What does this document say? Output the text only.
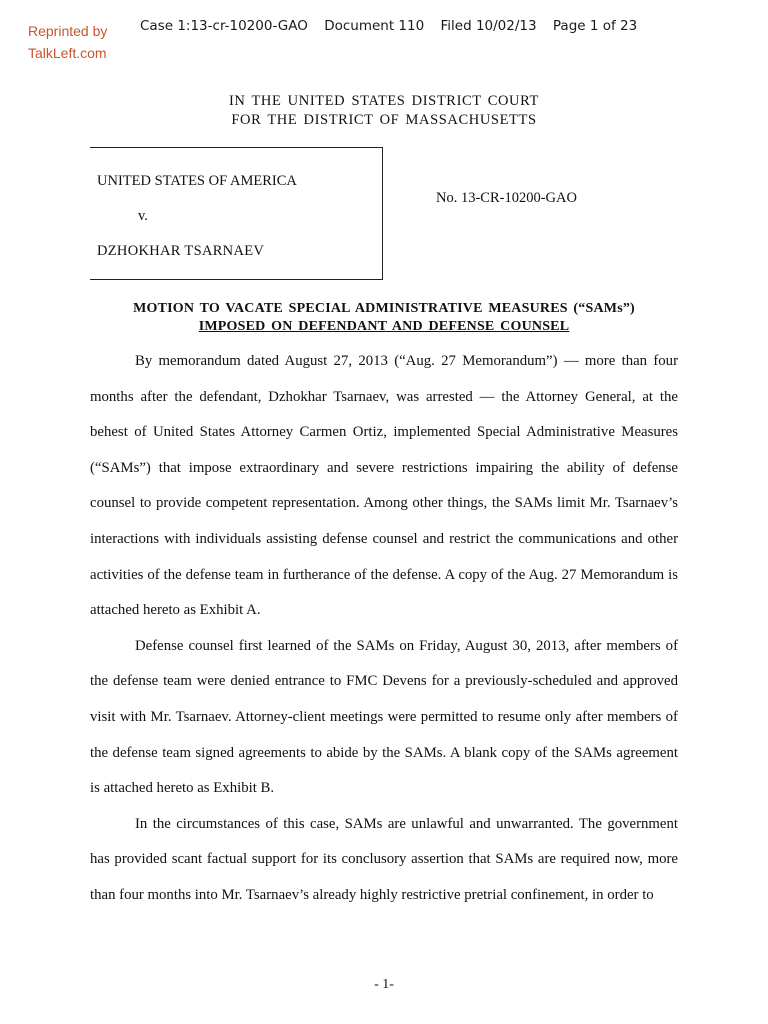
Reprinted by
TalkLeft.com
Case 1:13-cr-10200-GAO Document 110 Filed 10/02/13 Page 1 of 23
IN THE UNITED STATES DISTRICT COURT
FOR THE DISTRICT OF MASSACHUSETTS
UNITED STATES OF AMERICA
v.
DZHOKHAR TSARNAEV
No. 13-CR-10200-GAO
MOTION TO VACATE SPECIAL ADMINISTRATIVE MEASURES (“SAMs”)
IMPOSED ON DEFENDANT AND DEFENSE COUNSEL

By memorandum dated August 27, 2013 (“Aug. 27 Memorandum”) — more than four months after the defendant, Dzhokhar Tsarnaev, was arrested — the Attorney General, at the behest of United States Attorney Carmen Ortiz, implemented Special Administrative Measures (“SAMs”) that impose extraordinary and severe restrictions impairing the ability of defense counsel to provide competent representation. Among other things, the SAMs limit Mr. Tsarnaev’s interactions with individuals assisting defense counsel and restrict the communications and other activities of the defense team in furtherance of the defense. A copy of the Aug. 27 Memorandum is attached hereto as Exhibit A.

Defense counsel first learned of the SAMs on Friday, August 30, 2013, after members of the defense team were denied entrance to FMC Devens for a previously-scheduled and approved visit with Mr. Tsarnaev. Attorney-client meetings were permitted to resume only after members of the defense team signed agreements to abide by the SAMs. A blank copy of the SAMs agreement is attached hereto as Exhibit B.

In the circumstances of this case, SAMs are unlawful and unwarranted. The government has provided scant factual support for its conclusory assertion that SAMs are required now, more than four months into Mr. Tsarnaev’s already highly restrictive pretrial confinement, in order to

- 1-
